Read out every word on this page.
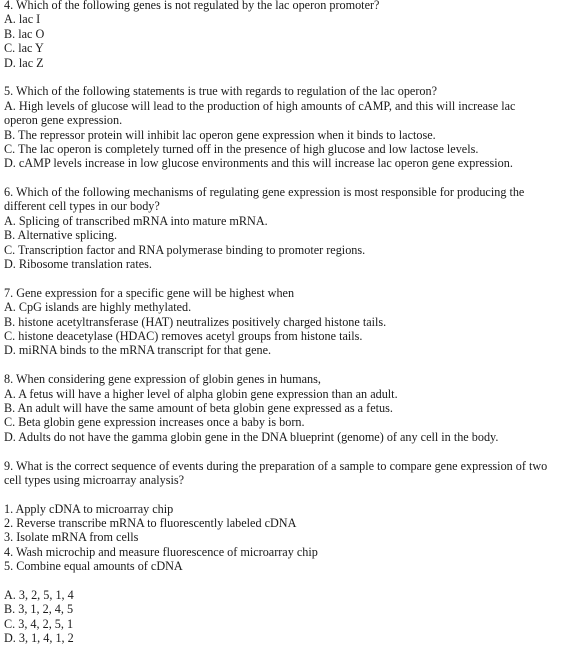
4. Which of the following genes is not regulated by the lac operon promoter?
A. lac I
B. lac O
C. lac Y
D. lac Z
5. Which of the following statements is true with regards to regulation of the lac operon?
A. High levels of glucose will lead to the production of high amounts of cAMP, and this will increase lac
operon gene expression.
B. The repressor protein will inhibit lac operon gene expression when it binds to lactose.
C. The lac operon is completely turned off in the presence of high glucose and low lactose levels.
D. cAMP levels increase in low glucose environments and this will increase lac operon gene expression.
6. Which of the following mechanisms of regulating gene expression is most responsible for producing the
different cell types in our body?
A. Splicing of transcribed mRNA into mature mRNA.
B. Alternative splicing.
C. Transcription factor and RNA polymerase binding to promoter regions.
D. Ribosome translation rates.
7. Gene expression for a specific gene will be highest when
A. CpG islands are highly methylated.
B. histone acetyltransferase (HAT) neutralizes positively charged histone tails.
C. histone deacetylase (HDAC) removes acetyl groups from histone tails.
D. miRNA binds to the mRNA transcript for that gene.
8. When considering gene expression of globin genes in humans,
A. A fetus will have a higher level of alpha globin gene expression than an adult.
B. An adult will have the same amount of beta globin gene expressed as a fetus.
C. Beta globin gene expression increases once a baby is born.
D. Adults do not have the gamma globin gene in the DNA blueprint (genome) of any cell in the body.
9. What is the correct sequence of events during the preparation of a sample to compare gene expression of two
cell types using microarray analysis?
1. Apply cDNA to microarray chip
2. Reverse transcribe mRNA to fluorescently labeled cDNA
3. Isolate mRNA from cells
4. Wash microchip and measure fluorescence of microarray chip
5. Combine equal amounts of cDNA
A. 3, 2, 5, 1, 4
B. 3, 1, 2, 4, 5
C. 3, 4, 2, 5, 1
D. 3, 1, 4, 1, 2
